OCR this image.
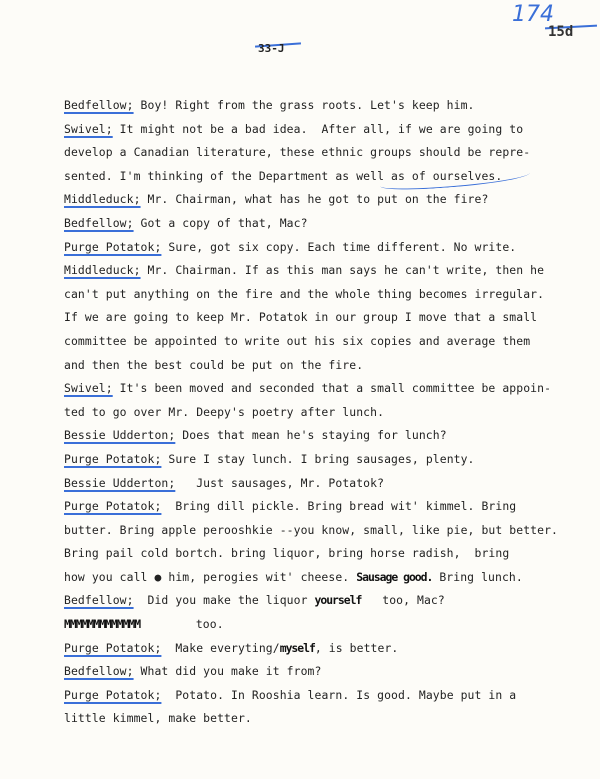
174
15d
33-J
Bedfellow; Boy! Right from the grass roots. Let's keep him.
Swivel; It might not be a bad idea.  After all, if we are going to
develop a Canadian literature, these ethnic groups should be repre-
sented. I'm thinking of the Department as well as of ourselves.
Middleduck; Mr. Chairman, what has he got to put on the fire?
Bedfellow; Got a copy of that, Mac?
Purge Potatok; Sure, got six copy. Each time different. No write.
Middleduck; Mr. Chairman. If as this man says he can't write, then he
can't put anything on the fire and the whole thing becomes irregular.
If we are going to keep Mr. Potatok in our group I move that a small
committee be appointed to write out his six copies and average them
and then the best could be put on the fire.
Swivel; It's been moved and seconded that a small committee be appoin-
ted to go over Mr. Deepy's poetry after lunch.
Bessie Udderton; Does that mean he's staying for lunch?
Purge Potatok; Sure I stay lunch. I bring sausages, plenty.
Bessie Udderton;   Just sausages, Mr. Potatok?
Purge Potatok;  Bring dill pickle. Bring bread wit' kimmel. Bring
butter. Bring apple perooshkie --you know, small, like pie, but better.
Bring pail cold bortch. bring liquor, bring horse radish,  bring
how you call ● him, perogies wit' cheese. Sausage good. Bring lunch.
Bedfellow;  Did you make the liquor yourself   too, Mac?
MMMMMMMMMMMMM        too.
Purge Potatok;  Make everyting/myself, is better.
Bedfellow; What did you make it from?
Purge Potatok;  Potato. In Rooshia learn. Is good. Maybe put in a
little kimmel, make better.
